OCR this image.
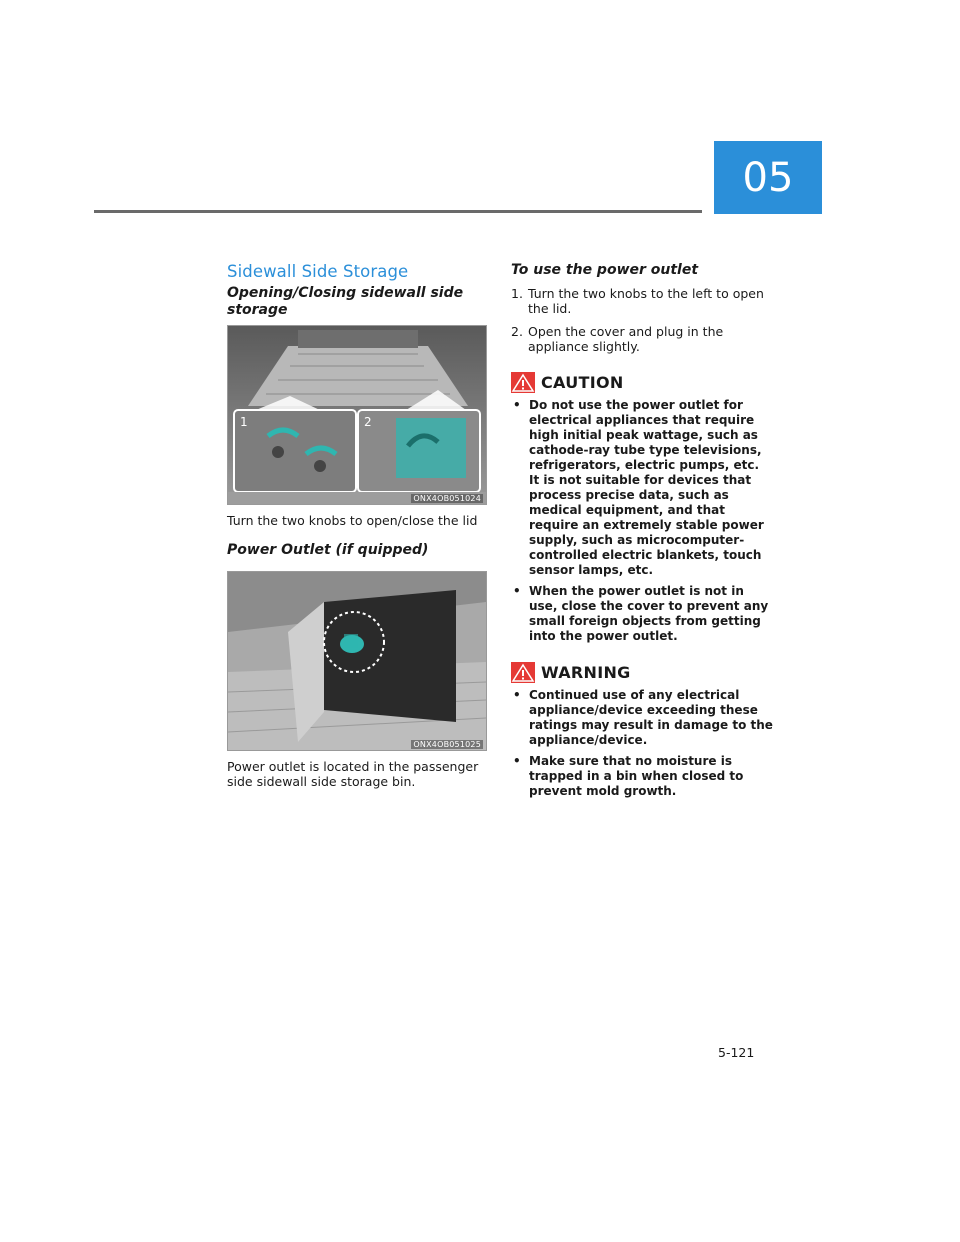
05
Sidewall Side Storage
Opening/Closing sidewall side storage
1	2
ONX4OB051024
Turn the two knobs to open/close the lid
Power Outlet (if quipped)
ONX4OB051025
Power outlet is located in the passenger side sidewall side storage bin.
To use the power outlet
1. Turn the two knobs to the left to open the lid.
2. Open the cover and plug in the appliance slightly.
CAUTION
• Do not use the power outlet for electrical appliances that require high initial peak wattage, such as cathode-ray tube type televisions, refrigerators, electric pumps, etc. It is not suitable for devices that process precise data, such as medical equipment, and that require an extremely stable power supply, such as microcomputer-controlled electric blankets, touch sensor lamps, etc.
• When the power outlet is not in use, close the cover to prevent any small foreign objects from getting into the power outlet.
WARNING
• Continued use of any electrical appliance/device exceeding these ratings may result in damage to the appliance/device.
• Make sure that no moisture is trapped in a bin when closed to prevent mold growth.
5-121
